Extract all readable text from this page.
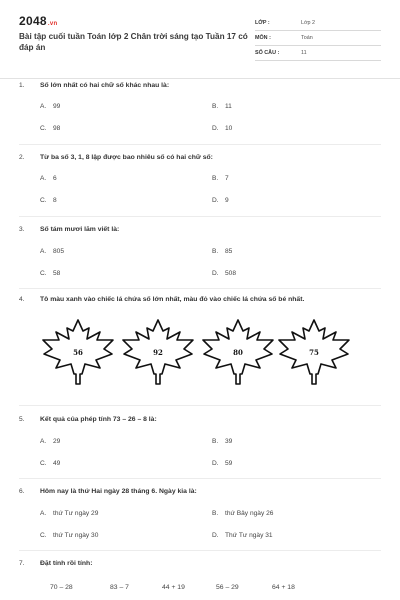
2048.vn
Bài tập cuối tuần Toán lớp 2 Chân trời sáng tạo Tuần 17 có đáp án
LỚP :	Lớp 2
MÔN :	Toán
SỐ CÂU :	11
1. Số lớn nhất có hai chữ số khác nhau là:
A. 99	B. 11
C. 98	D. 10
2. Từ ba số 3, 1, 8 lập được bao nhiêu số có hai chữ số:
A. 6	B. 7
C. 8	D. 9
3. Số tám mươi lăm viết là:
A. 805	B. 85
C. 58	D. 508
4. Tô màu xanh vào chiếc lá chứa số lớn nhất, màu đỏ vào chiếc lá chứa số bé nhất.
56	92	80	75
5. Kết quả của phép tính 73 – 26 – 8 là:
A. 29	B. 39
C. 49	D. 59
6. Hôm nay là thứ Hai ngày 28 tháng 6. Ngày kia là:
A. thứ Tư ngày 29	B. thứ Bảy ngày 26
C. thứ Tư ngày 30	D. Thứ Tư ngày 31
7. Đặt tính rồi tính:
70 – 28	83 – 7	44 + 19	56 – 29	64 + 18
